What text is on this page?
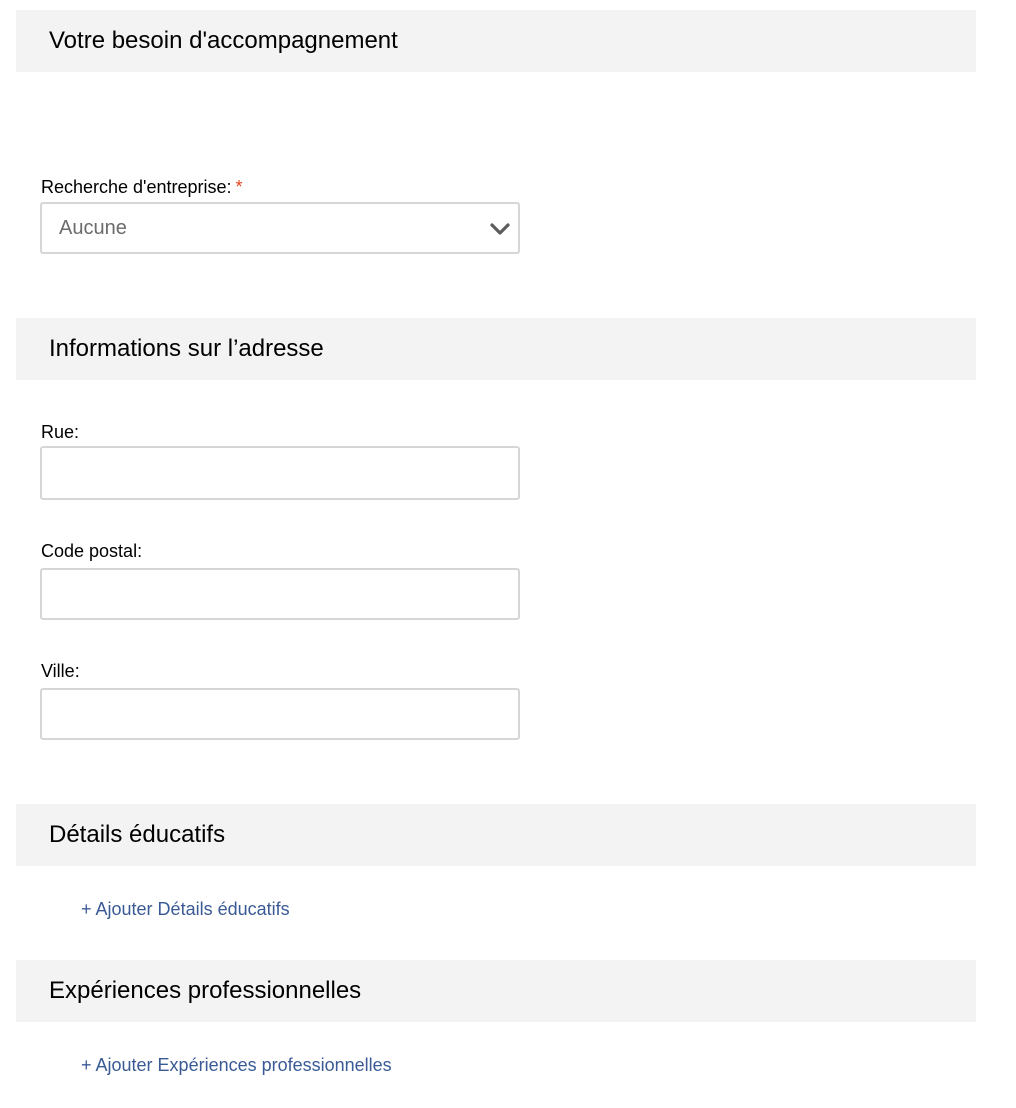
Votre besoin d'accompagnement
Recherche d'entreprise: *
Aucune
Informations sur l’adresse
Rue:
Code postal:
Ville:
Détails éducatifs
+ Ajouter Détails éducatifs
Expériences professionnelles
+ Ajouter Expériences professionnelles
